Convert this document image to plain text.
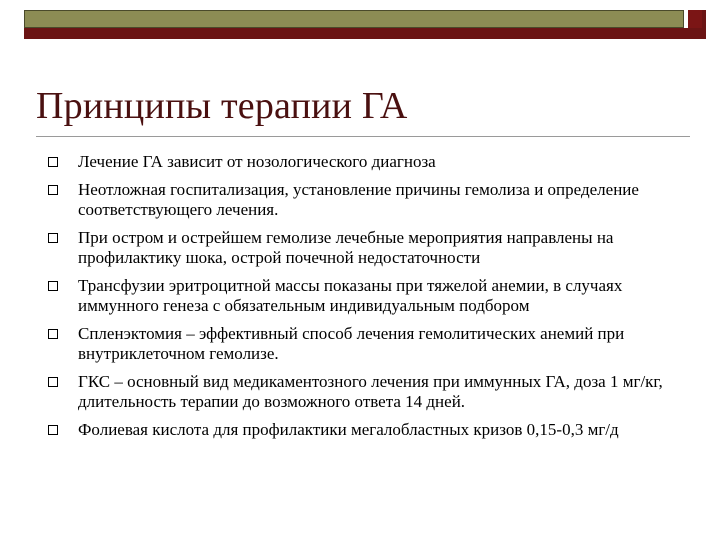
Принципы терапии ГА
Лечение ГА зависит от нозологического диагноза
Неотложная госпитализация, установление причины гемолиза и определение соответствующего лечения.
При остром и острейшем гемолизе лечебные мероприятия направлены на профилактику шока, острой почечной недостаточности
Трансфузии эритроцитной массы показаны при тяжелой анемии, в случаях иммунного генеза с обязательным индивидуальным подбором
Спленэктомия – эффективный способ лечения гемолитических анемий при внутриклеточном гемолизе.
ГКС – основный вид медикаментозного лечения при иммунных ГА, доза 1 мг/кг, длительность терапии до возможного ответа 14 дней.
Фолиевая кислота для профилактики мегалобластных кризов 0,15-0,3 мг/д
